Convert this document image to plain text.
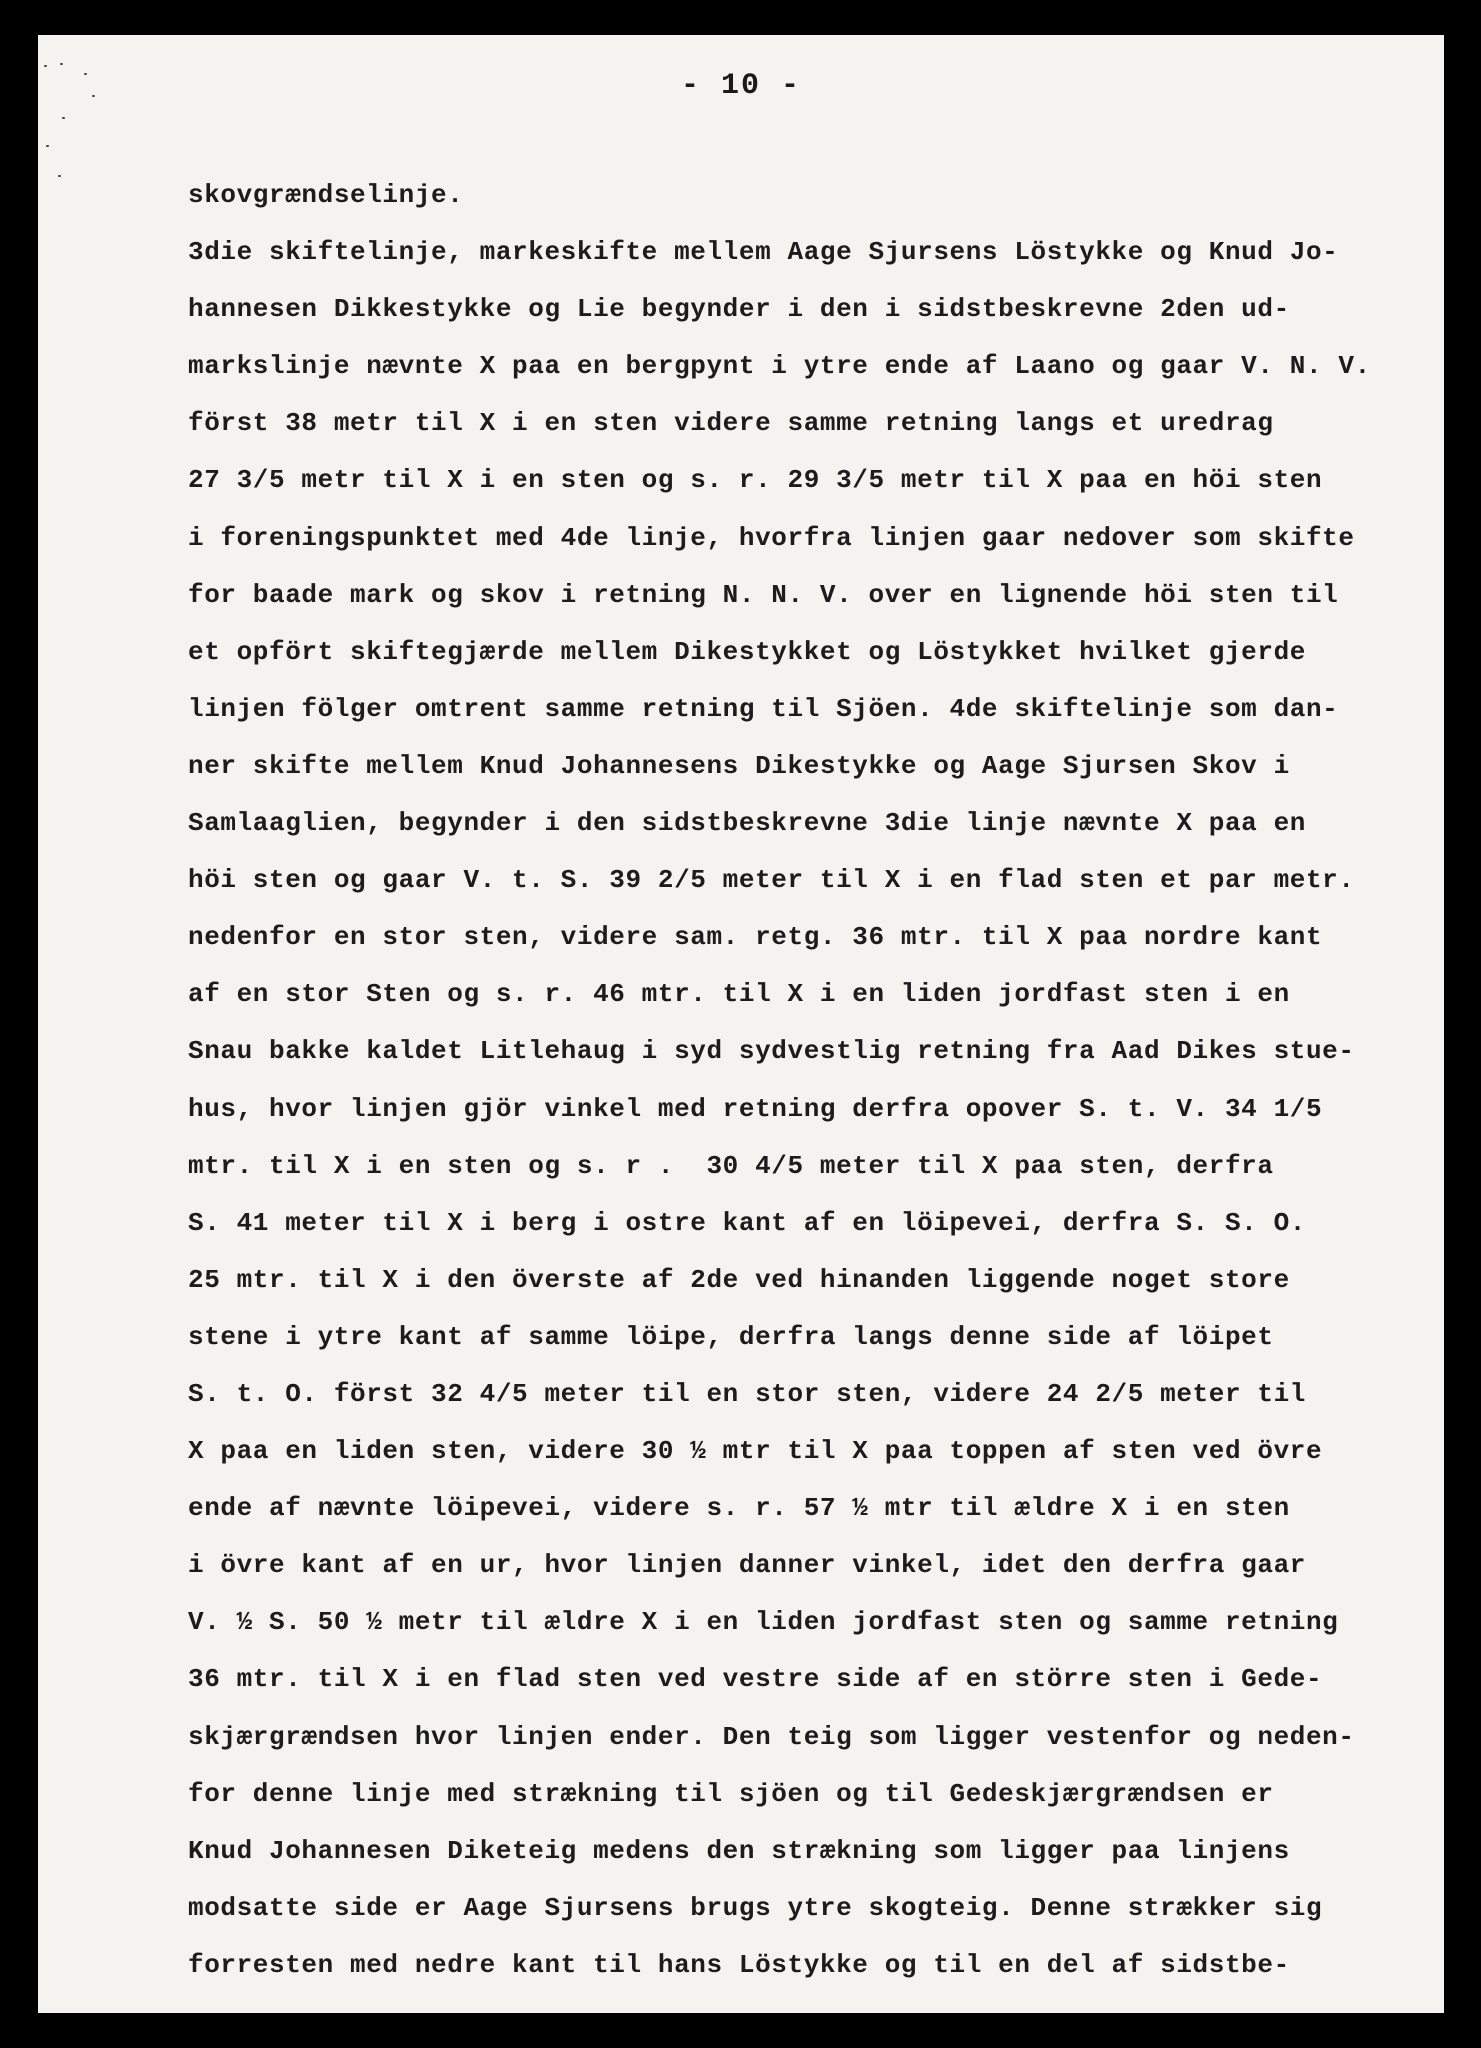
- 10 -
skovgrændselinje.
3die skiftelinje, markeskifte mellem Aage Sjursens Löstykke og Knud Jo-
hannesen Dikkestykke og Lie begynder i den i sidstbeskrevne 2den ud-
markslinje nævnte X paa en bergpynt i ytre ende af Laano og gaar V. N. V.
först 38 metr til X i en sten videre samme retning langs et uredrag
27 3/5 metr til X i en sten og s. r. 29 3/5 metr til X paa en höi sten
i foreningspunktet med 4de linje, hvorfra linjen gaar nedover som skifte
for baade mark og skov i retning N. N. V. over en lignende höi sten til
et opfört skiftegjærde mellem Dikestykket og Löstykket hvilket gjerde
linjen fölger omtrent samme retning til Sjöen. 4de skiftelinje som dan-
ner skifte mellem Knud Johannesens Dikestykke og Aage Sjursen Skov i
Samlaaglien, begynder i den sidstbeskrevne 3die linje nævnte X paa en
höi sten og gaar V. t. S. 39 2/5 meter til X i en flad sten et par metr.
nedenfor en stor sten, videre sam. retg. 36 mtr. til X paa nordre kant
af en stor Sten og s. r. 46 mtr. til X i en liden jordfast sten i en
Snau bakke kaldet Litlehaug i syd sydvestlig retning fra Aad Dikes stue-
hus, hvor linjen gjör vinkel med retning derfra opover S. t. V. 34 1/5
mtr. til X i en sten og s. r .  30 4/5 meter til X paa sten, derfra
S. 41 meter til X i berg i ostre kant af en löipevei, derfra S. S. O.
25 mtr. til X i den överste af 2de ved hinanden liggende noget store
stene i ytre kant af samme löipe, derfra langs denne side af löipet
S. t. O. först 32 4/5 meter til en stor sten, videre 24 2/5 meter til
X paa en liden sten, videre 30 ½ mtr til X paa toppen af sten ved övre
ende af nævnte löipevei, videre s. r. 57 ½ mtr til ældre X i en sten
i övre kant af en ur, hvor linjen danner vinkel, idet den derfra gaar
V. ½ S. 50 ½ metr til ældre X i en liden jordfast sten og samme retning
36 mtr. til X i en flad sten ved vestre side af en större sten i Gede-
skjærgrændsen hvor linjen ender. Den teig som ligger vestenfor og neden-
for denne linje med strækning til sjöen og til Gedeskjærgrændsen er
Knud Johannesen Diketeig medens den strækning som ligger paa linjens
modsatte side er Aage Sjursens brugs ytre skogteig. Denne strækker sig
forresten med nedre kant til hans Löstykke og til en del af sidstbe-
